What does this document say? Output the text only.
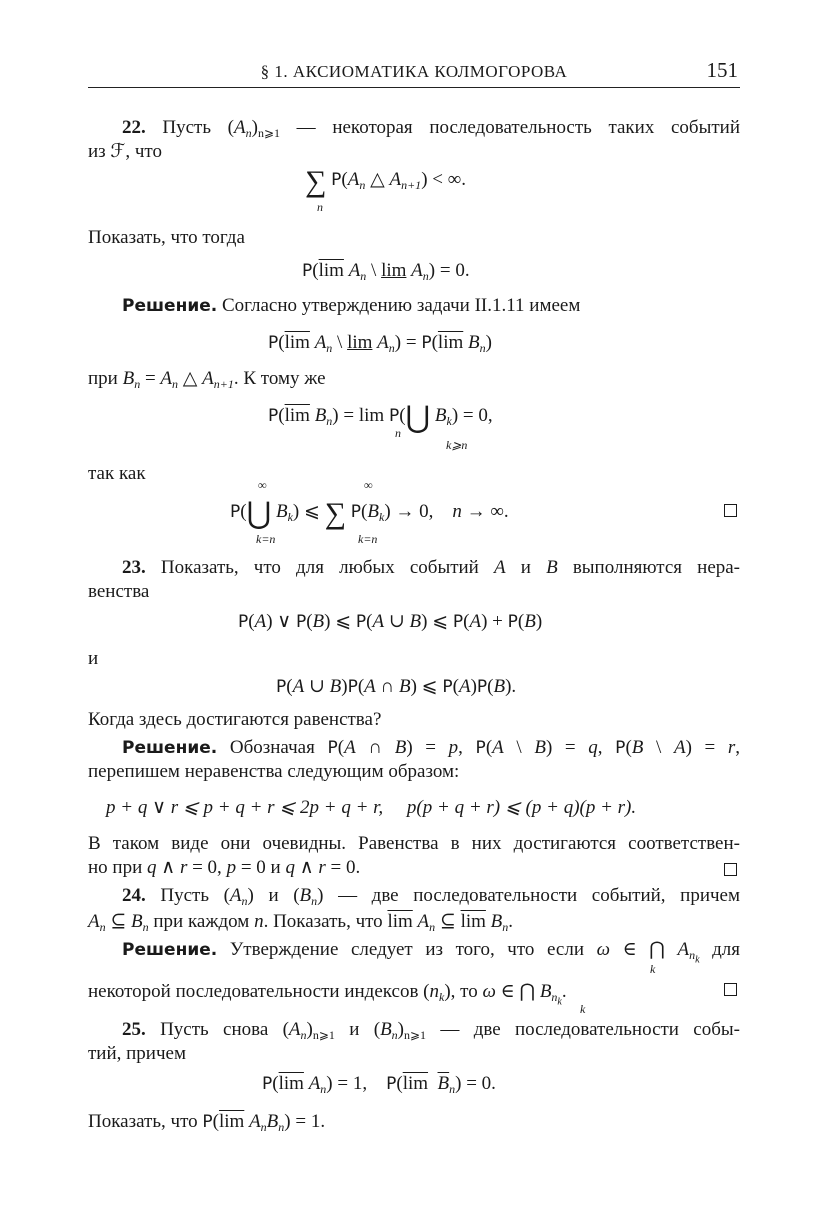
§ 1. АКСИОМАТИКА КОЛМОГОРОВА	151
22. Пусть $(A_n)_{n⩾1}$ — некоторая последовательность таких событий
из ℱ, что
∑ $P(A_n$ △ $A_{n+1}$) < ∞.
n
Показать, что тогда
$P(\overline{lim}$ $A_n$ \ $\lim A_n) = 0$.
Решение. Согласно утверждению задачи II.1.11 имеем
$P(\overline{lim}$ $A_n$ \ $\lim A_n) = P(\overline{lim}$ $B_n$)
при $B_n = A_n$ △ $A_{n+1}$. К тому же
$P(\overline{lim}$ $B_n) = \lim$ P(⋃ $B_k) = 0$,
n
k⩾n
так как
∞	∞
P(⋃ $B_k$) ⩽ ∑ $P(B_k) \to 0$,    n → ∞.
k=n	k=n
23. Показать, что для любых событий A и B выполняются нера-
венства
P(A) ∨ P(B) ⩽ P(A ∪ B) ⩽ P(A) + P(B)
и
P(A ∪ B)P(A ∩ B) ⩽ P(A)P(B).
Когда здесь достигаются равенства?
Решение. Обозначая P(A ∩ B) = p, P(A \ B) = q, P(B \ A) = r,
перепишем неравенства следующим образом:
p + q ∨ r ⩽ p + q + r ⩽ 2p + q + r,     p(p + q + r) ⩽ (p + q)(p + r).
В таком виде они очевидны. Равенства в них достигаются соответствен-
но при q ∧ r = 0, p = 0 и q ∧ r = 0.
24. Пусть $(A_n)$ и $(B_n)$ — две последовательности событий, причем
$A_n$ ⊆ $B_n$ при каждом n. Показать, что $\overline{lim}$ $A_n$ ⊆ $\overline{lim}$ $B_n$.
Решение. Утверждение следует из того, что если ω ∈ ⋂ $A_{n_k}$ для
k
некоторой последовательности индексов $(n_k)$, то ω ∈ ⋂ $B_{n_k}$.
k
25. Пусть снова $(A_n)_{n⩾1}$ и $(B_n)_{n⩾1}$ — две последовательности собы-
тий, причем
$P(\overline{lim}$ $A_n) = 1$,    $P(\overline{lim}$ $\overline{B}_n) = 0$.
Показать, что $P(\overline{lim}$ $A_nB_n) = 1$.
